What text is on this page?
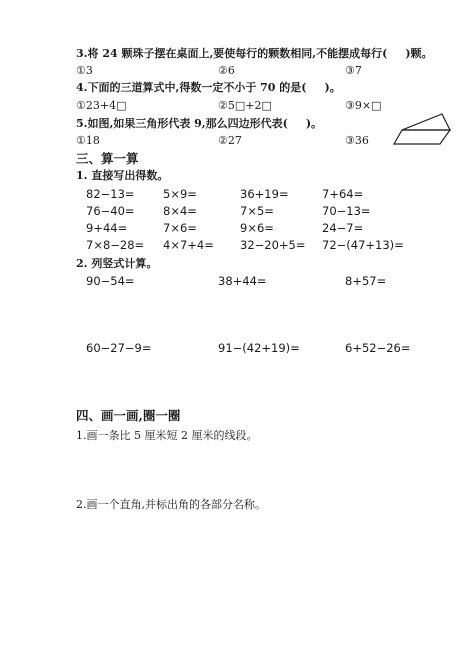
3.将 24 颗珠子摆在桌面上,要使每行的颗数相同,不能摆成每行( )颗。
①3	②6	③7
4.下面的三道算式中,得数一定不小于 70 的是( )。
①23+4□	②5□+2□	③9×□
5.如图,如果三角形代表 9,那么四边形代表( )。
①18	②27	③36
三、算一算
1. 直接写出得数。
82−13= 5×9=	36+19=	7+64=
76−40= 8×4=	7×5=	70−13=
9+44=	7×6=	9×6=	24−7=
7×8−28= 4×7+4= 32−20+5= 72−(47+13)=
2. 列竖式计算。
90−54=	38+44=	8+57=
60−27−9=	91−(42+19)=	6+52−26=
四、画一画,圈一圈
1.画一条比 5 厘米短 2 厘米的线段。
2.画一个直角,并标出角的各部分名称。
